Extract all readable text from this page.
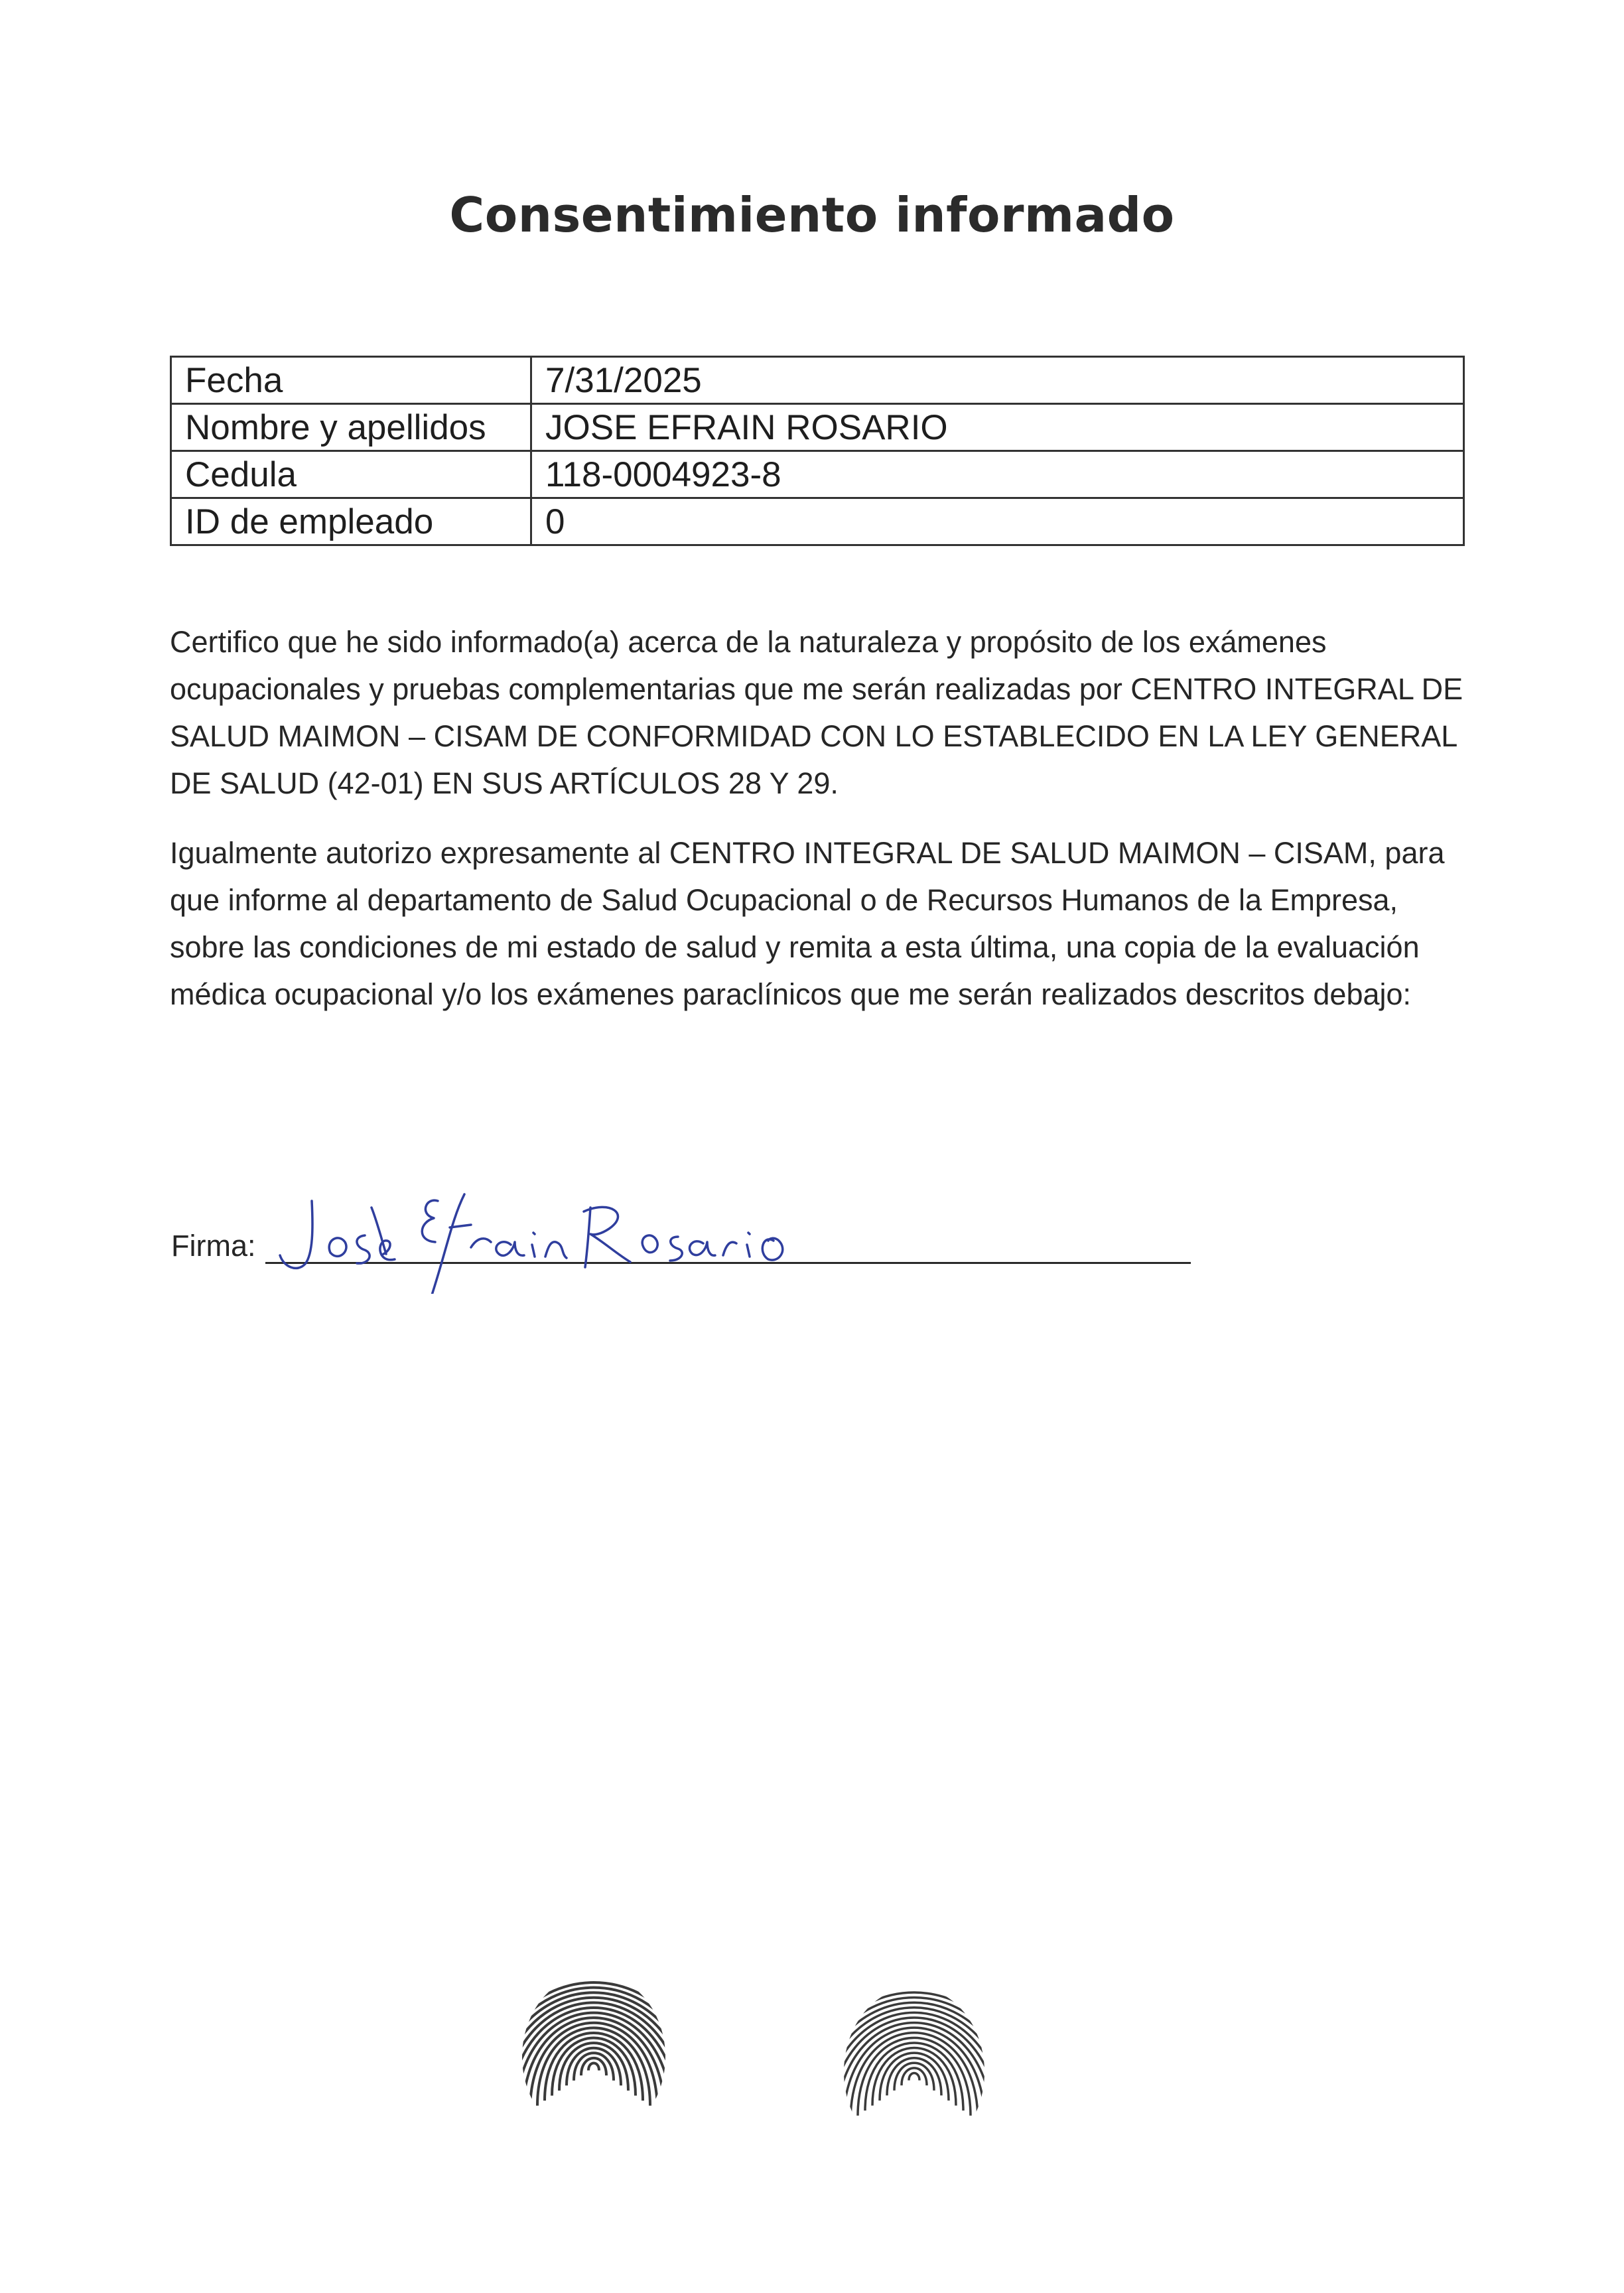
Consentimiento informado
Fecha	7/31/2025
Nombre y apellidos	JOSE EFRAIN ROSARIO
Cedula	118-0004923-8
ID de empleado	0

Certifico que he sido informado(a) acerca de la naturaleza y propósito de los exámenes ocupacionales y pruebas complementarias que me serán realizadas por CENTRO INTEGRAL DE SALUD MAIMON – CISAM DE CONFORMIDAD CON LO ESTABLECIDO EN LA LEY GENERAL DE SALUD (42-01) EN SUS ARTÍCULOS 28 Y 29.

Igualmente autorizo expresamente al CENTRO INTEGRAL DE SALUD MAIMON – CISAM, para que informe al departamento de Salud Ocupacional o de Recursos Humanos de la Empresa, sobre las condiciones de mi estado de salud y remita a esta última, una copia de la evaluación médica ocupacional y/o los exámenes paraclínicos que me serán realizados descritos debajo:

Firma:
